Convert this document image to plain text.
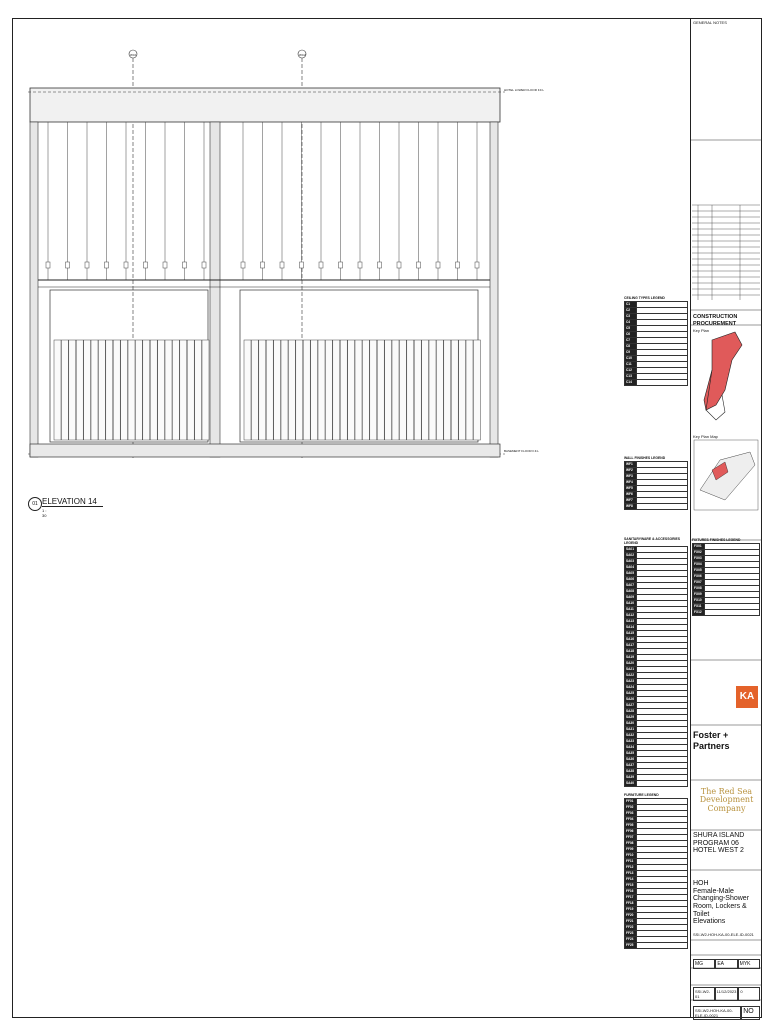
HOTEL LOWER FLOOR F.F.L
BASEMENT FLOOR F.F.L
WC1	WC2
01 ELEVATION 14
1 : 30
CEILING TYPES LEGEND
C1	
C2	
C3	
C4	
C5	
C6	
C7	
C8	
C9	
C10	
C11	
C12	
C13	
C14	
WALL FINISHES LEGEND
WF1	
WF2	
WF3	
WF4	
WF5	
WF6	
WF7	
WF8	
SANITARYWARE & ACCESSORIES LEGEND
SA01	
SA02	
SA03	
SA04	
SA05	
SA06	
SA07	
SA08	
SA09	
SA10	
SA11	
SA12	
SA13	
SA14	
SA15	
SA16	
SA17	
SA18	
SA19	
SA20	
SA21	
SA22	
SA23	
SA24	
SA25	
SA26	
SA27	
SA28	
SA29	
SA30	
SA31	
SA32	
SA33	
SA34	
SA35	
SA36	
SA37	
SA38	
SA39	
SA40	
FURNITURE LEGEND
FF01	
FF02	
FF03	
FF04	
FF05	
FF06	
FF07	
FF08	
FF09	
FF10	
FF11	
FF12	
FF13	
FF14	
FF15	
FF16	
FF17	
FF18	
FF19	
FF20	
FF21	
FF22	
FF23	
FF24	
FF25	
FIXTURES FINISHES LEGEND
FX01	
FX02	
FX03	
FX04	
FX05	
FX06	
FX07	
FX08	
FX09	
FX10	
FX11	
FX12	
GENERAL NOTES
CONSTRUCTION PROCUREMENT
Key Plan
Key Plan Map
KA
Foster + Partners
The Red Sea
Development
Company
SHURA ISLAND
PROGRAM 06
HOTEL WEST 2
HOH
Female-Male Changing-Shower
Room, Lockers & Toilet
Elevations
SSI-W2-HOH-KA-00-ELE-ID-0021
MG	EA	MYK
SSI-W2-01
11/12/2023	0
SSI-W2-HOH-KA-00-ELE-ID-0021
NO
